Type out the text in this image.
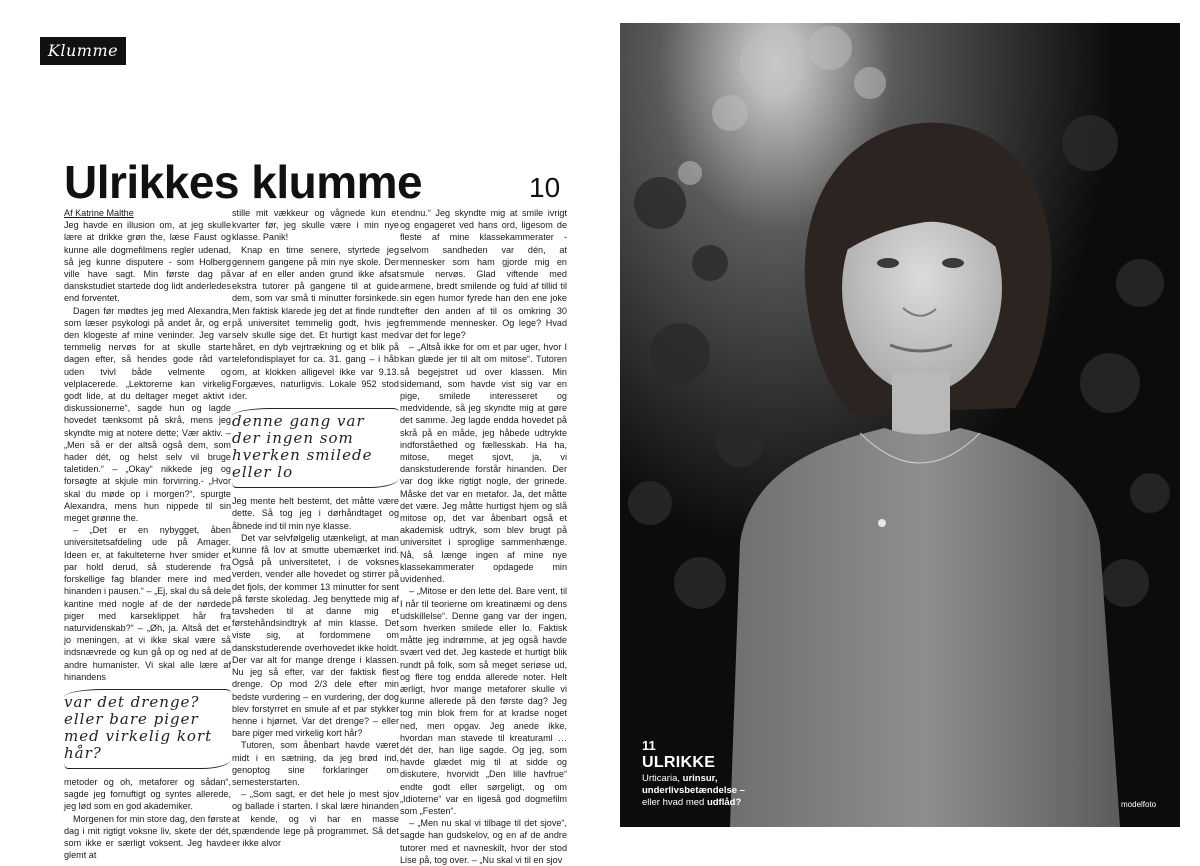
Klumme
Ulrikkes klumme	10

Af Katrine Malthe

Jeg havde en illusion om, at jeg skulle lære at drikke grøn the, læse Faust og kunne alle dogmefilmens regler udenad, så jeg kunne disputere - som Holberg ville have sagt. Min første dag på danskstudiet startede dog lidt anderledes end forventet.

Dagen før mødtes jeg med Alexandra, som læser psykologi på andet år, og er den klogeste af mine veninder. Jeg var temmelig nervøs for at skulle starte dagen efter, så hendes gode råd var uden tvivl både velmente og velplacerede. „Lektorerne kan virkelig godt lide, at du deltager meget aktivt i diskussionerne“, sagde hun og lagde hovedet tænksomt på skrå, mens jeg skyndte mig at notere dette; Vær aktiv. – „Men så er der altså også dem, som hader dét, og helst selv vil bruge taletiden.“ – „Okay“ nikkede jeg og forsøgte at skjule min forvirring.- „Hvor skal du møde op i morgen?“, spurgte Alexandra, mens hun nippede til sin meget grønne the.

– „Det er en nybygget, åben universitetsafdeling ude på Amager. Ideen er, at fakulteterne hver smider et par hold derud, så studerende fra forskellige fag blander mere ind med hinanden i pausen.“ – „Ej, skal du så dele kantine med nogle af de der nørdede piger med karseklippet hår fra naturvidenskab?“ – „Øh, ja. Altså det er jo meningen, at vi ikke skal være så indsnævrede og kun gå op og ned af de andre humanister. Vi skal alle lære af hinandens

var det drenge? eller bare piger med virkelig kort hår?

metoder og oh, metaforer og sådan“, sagde jeg fornuftigt og syntes allerede, jeg lød som en god akademiker.

Morgenen for min store dag, den første dag i mit rigtigt voksne liv, skete der dét, som ikke er særligt voksent. Jeg havde glemt at

stille mit vækkeur og vågnede kun et kvarter før, jeg skulle være i min nye klasse. Panik!

Knap en time senere, styrtede jeg gennem gangene på min nye skole. Der var af en eller anden grund ikke afsat ekstra tutorer på gangene til at guide dem, som var små ti minutter forsinkede. Men faktisk klarede jeg det at finde rundt på universitet temmelig godt, hvis jeg selv skulle sige det. Et hurtigt kast med håret, en dyb vejrtrækning og et blik på telefondisplayet for ca. 31. gang – i håb om, at klokken alligevel ikke var 9.13. Forgæves, naturligvis. Lokale 952 stod der.

denne gang var der ingen som hverken smilede eller lo

Jeg mente helt bestemt, det måtte være dette. Så tog jeg i dørhåndtaget og åbnede ind til min nye klasse.

Det var selvfølgelig utænkeligt, at man kunne få lov at smutte ubemærket ind. Også på universitetet, i de voksnes verden, vender alle hovedet og stirrer på det fjols, der kommer 13 minutter for sent på første skoledag. Jeg benyttede mig af tavsheden til at danne mig et førstehåndsindtryk af min klasse. Det viste sig, at fordommene om danskstuderende overhovedet ikke holdt. Der var alt for mange drenge i klassen. Nu jeg så efter, var der faktisk flest drenge. Op mod 2/3 dele efter min bedste vurdering – en vurdering, der dog blev forstyrret en smule af et par stykker henne i hjørnet. Var det drenge? – eller bare piger med virkelig kort hår?

Tutoren, som åbenbart havde været midt i en sætning, da jeg brød ind, genoptog sine forklaringer om semesterstarten.

– „Som sagt, er det hele jo mest sjov og ballade i starten. I skal lære hinanden at kende, og vi har en masse spændende lege på programmet. Så det er ikke alvor

endnu.“ Jeg skyndte mig at smile ivrigt og engageret ved hans ord, ligesom de fleste af mine klassekammerater - selvom sandheden var dén, at mennesker som ham gjorde mig en smule nervøs. Glad viftende med armene, bredt smilende og fuld af tillid til sin egen humor fyrede han den ene joke efter den anden af til os omkring 30 fremmende mennesker. Og lege? Hvad var det for lege?

– „Altså ikke for om et par uger, hvor I kan glæde jer til alt om mitose“. Tutoren så begejstret ud over klassen. Min sidemand, som havde vist sig var en pige, smilede interesseret og medvidende, så jeg skyndte mig at gøre det samme. Jeg lagde endda hovedet på skrå på en måde, jeg håbede udtrykte indforståethed og fællesskab. Ha ha, mitose, meget sjovt, ja, vi danskstuderende forstår hinanden. Der var dog ikke rigtigt nogle, der grinede. Måske det var en metafor. Ja, det måtte det være. Jeg måtte hurtigst hjem og slå mitose op, det var åbenbart også et akademisk udtryk, som blev brugt på universitet i sproglige sammenhænge. Nå, så længe ingen af mine nye klassekammerater opdagede min uvidenhed.

– „Mitose er den lette del. Bare vent, til I når til teorierne om kreatinæmi og dens udskillelse“. Denne gang var der ingen, som hverken smilede eller lo. Faktisk måtte jeg indrømme, at jeg også havde svært ved det. Jeg kastede et hurtigt blik rundt på folk, som så meget seriøse ud, og flere tog endda allerede noter. Helt ærligt, hvor mange metaforer skulle vi kunne allerede på den første dag? Jeg tog min blok frem for at kradse noget ned, men opgav. Jeg anede ikke, hvordan man stavede til kreaturaml … dét der, han lige sagde. Og jeg, som havde glædet mig til at sidde og diskutere, hvorvidt „Den lille havfrue“ endte godt eller sørgeligt, og om „Idioterne“ var en ligeså god dogmefilm som „Festen“.

– „Men nu skal vi tilbage til det sjove“, sagde han gudskelov, og en af de andre tutorer med et navneskilt, hvor der stod Lise på, tog over. – „Nu skal vi til en sjov

11
ULRIKKE
Urticaria, urinsur,
underlivsbetændelse –
eller hvad med udflåd?	modelfoto
